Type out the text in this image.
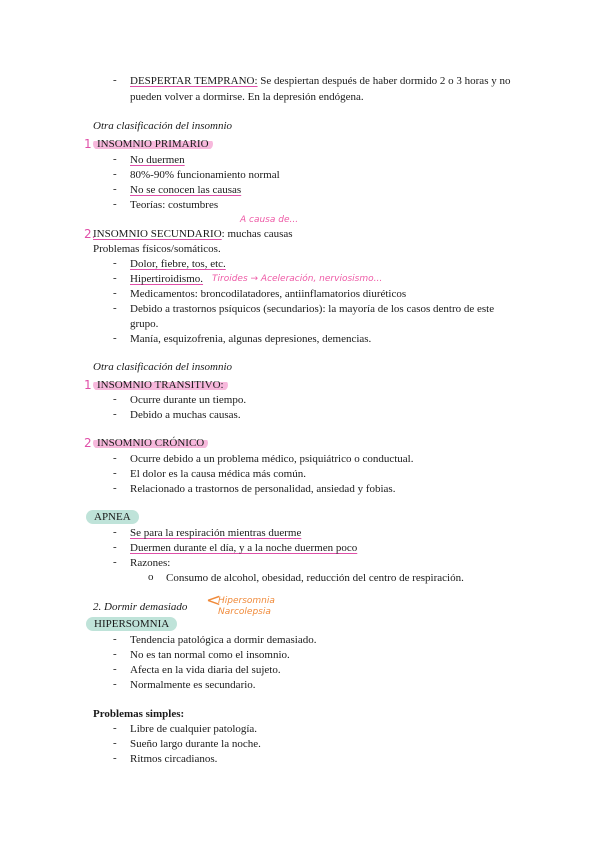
- DESPERTAR TEMPRANO: Se despiertan después de haber dormido 2 o 3 horas y no
pueden volver a dormirse. En la depresión endógena.
Otra clasificación del insomnio
1 INSOMNIO PRIMARIO
- No duermen
- 80%-90% funcionamiento normal
- No se conocen las causas
- Teorías: costumbres
A causa de...
2.
INSOMNIO SECUNDARIO: muchas causas
Problemas físicos/somáticos.
- Dolor, fiebre, tos, etc.
- Hipertiroidismo. Tiroides → Aceleración, nerviosismo...
- Medicamentos: broncodilatadores, antiinflamatorios diuréticos
- Debido a trastornos psíquicos (secundarios): la mayoría de los casos dentro de este
grupo.
- Manía, esquizofrenia, algunas depresiones, demencias.
Otra clasificación del insomnio
1 INSOMNIO TRANSITIVO:
- Ocurre durante un tiempo.
- Debido a muchas causas.
2 INSOMNIO CRÓNICO
- Ocurre debido a un problema médico, psiquiátrico o conductual.
- El dolor es la causa médica más común.
- Relacionado a trastornos de personalidad, ansiedad y fobias.
APNEA
- Se para la respiración mientras duerme
- Duermen durante el día, y a la noche duermen poco
- Razones:
o Consumo de alcohol, obesidad, reducción del centro de respiración.
2. Dormir demasiado <
Hipersomnia
Narcolepsia
HIPERSOMNIA
- Tendencia patológica a dormir demasiado.
- No es tan normal como el insomnio.
- Afecta en la vida diaria del sujeto.
- Normalmente es secundario.
Problemas simples:
- Libre de cualquier patología.
- Sueño largo durante la noche.
- Ritmos circadianos.
